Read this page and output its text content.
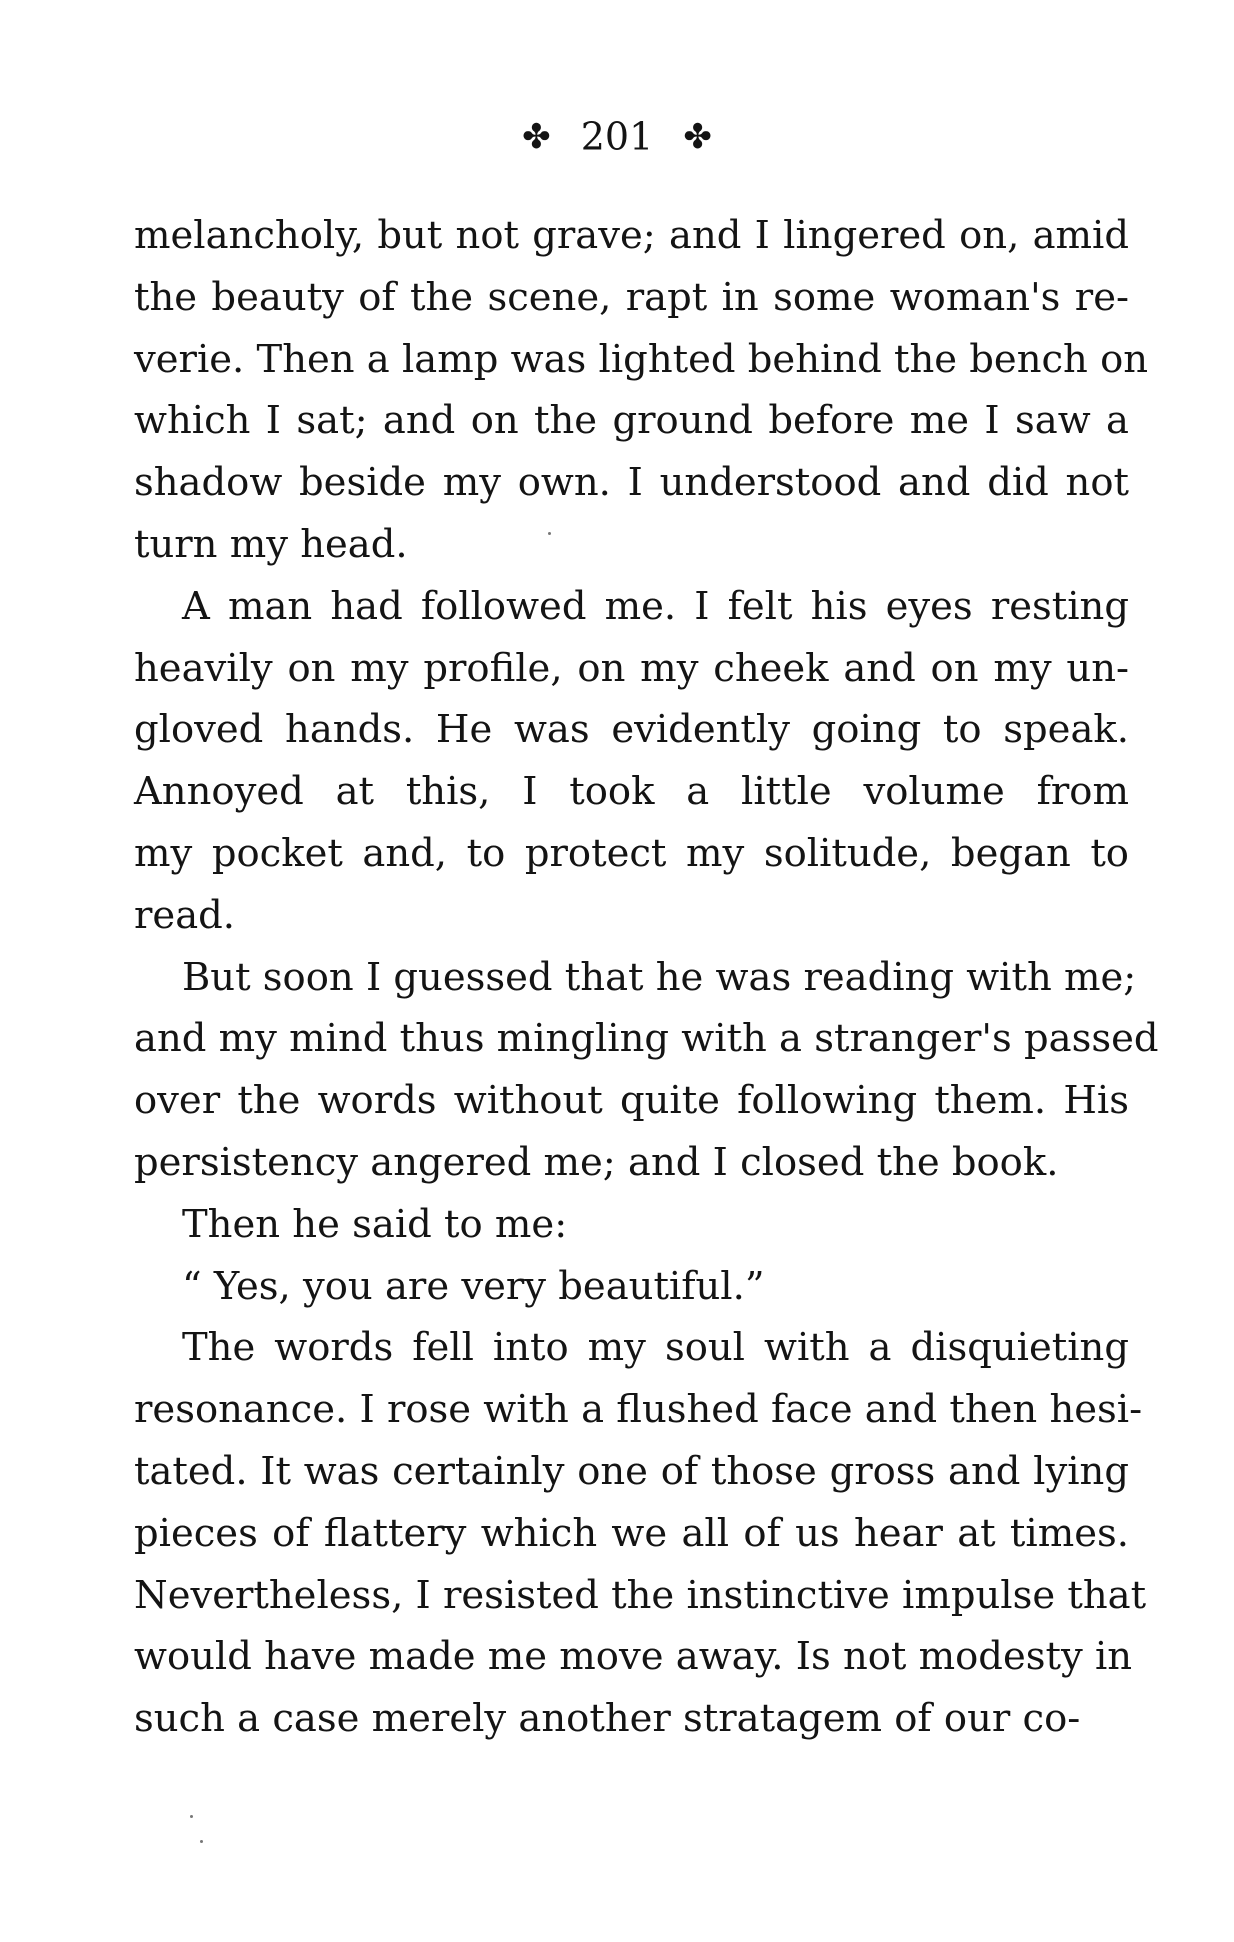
✤ 201 ✤
melancholy, but not grave; and I lingered on, amid
the beauty of the scene, rapt in some woman's re-
verie. Then a lamp was lighted behind the bench on
which I sat; and on the ground before me I saw a
shadow beside my own. I understood and did not
turn my head.
A man had followed me. I felt his eyes resting
heavily on my profile, on my cheek and on my un-
gloved hands. He was evidently going to speak.
Annoyed at this, I took a little volume from
my pocket and, to protect my solitude, began to
read.
But soon I guessed that he was reading with me;
and my mind thus mingling with a stranger's passed
over the words without quite following them. His
persistency angered me; and I closed the book.
Then he said to me:
“ Yes, you are very beautiful.”
The words fell into my soul with a disquieting
resonance. I rose with a flushed face and then hesi-
tated. It was certainly one of those gross and lying
pieces of flattery which we all of us hear at times.
Nevertheless, I resisted the instinctive impulse that
would have made me move away. Is not modesty in
such a case merely another stratagem of our co-
